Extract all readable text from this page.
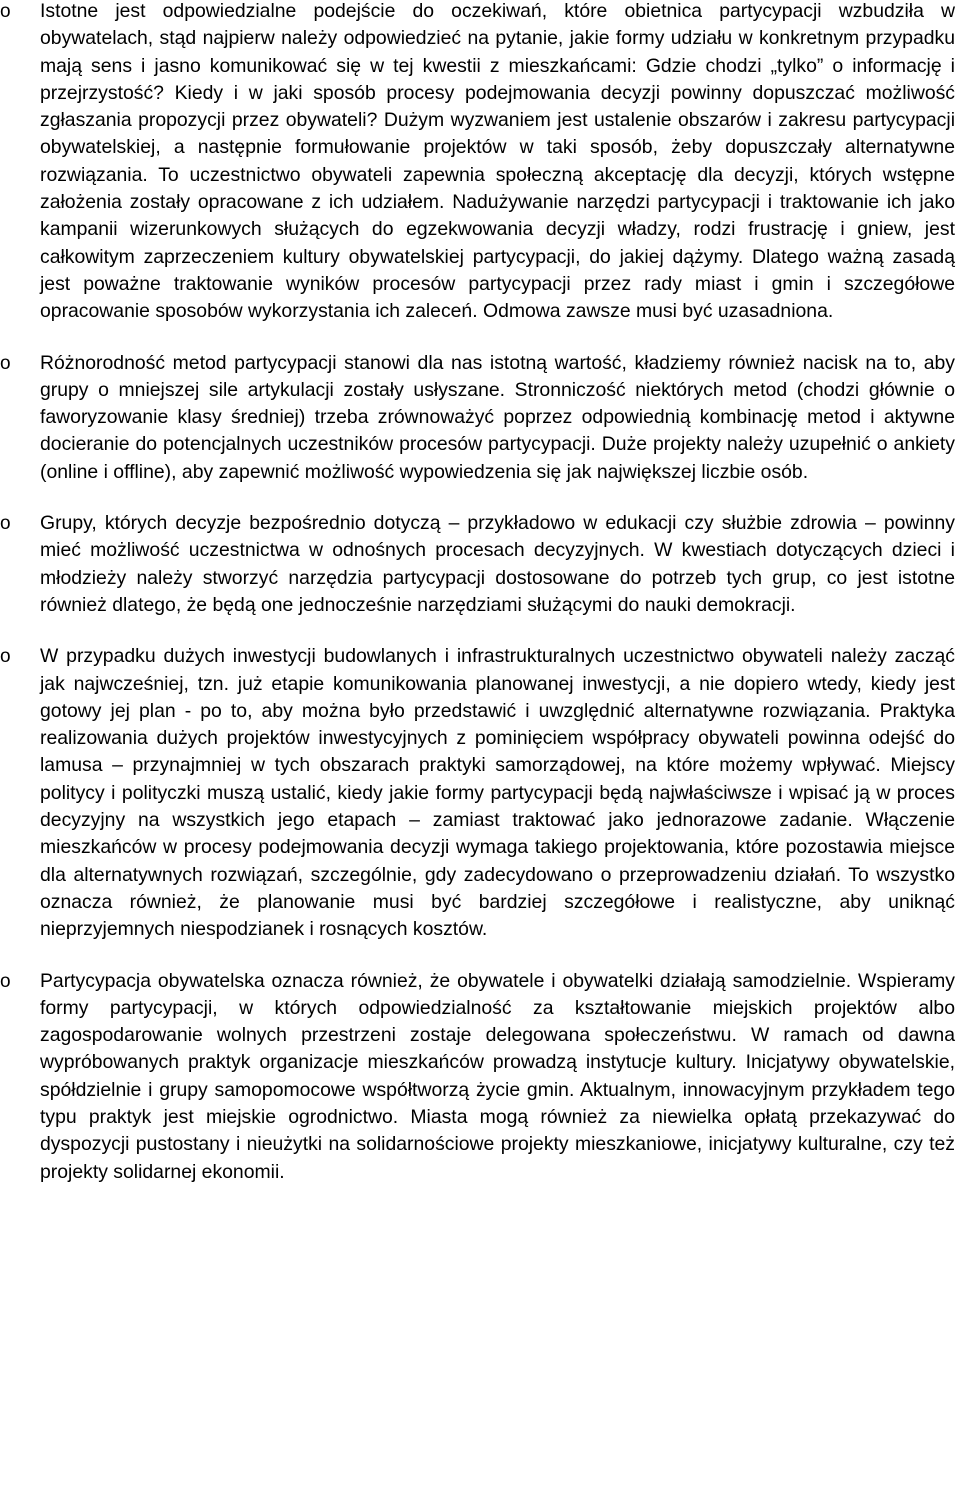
o	Istotne jest odpowiedzialne podejście do oczekiwań, które obietnica partycypacji wzbudziła w obywatelach, stąd najpierw należy odpowiedzieć na pytanie, jakie formy udziału w konkretnym przypadku mają sens i jasno komunikować się w tej kwestii z mieszkańcami: Gdzie chodzi „tylko” o informację i przejrzystość? Kiedy i w jaki sposób procesy podejmowania decyzji powinny dopuszczać możliwość zgłaszania propozycji przez obywateli? Dużym wyzwaniem jest ustalenie obszarów i zakresu partycypacji obywatelskiej, a następnie formułowanie projektów w taki sposób, żeby dopuszczały alternatywne rozwiązania. To uczestnictwo obywateli zapewnia społeczną akceptację dla decyzji, których wstępne założenia zostały opracowane z ich udziałem. Nadużywanie narzędzi partycypacji i traktowanie ich jako kampanii wizerunkowych służących do egzekwowania decyzji władzy, rodzi frustrację i gniew, jest całkowitym zaprzeczeniem kultury obywatelskiej partycypacji, do jakiej dążymy. Dlatego ważną zasadą jest poważne traktowanie wyników procesów partycypacji przez rady miast i gmin i szczegółowe opracowanie sposobów wykorzystania ich zaleceń. Odmowa zawsze musi być uzasadniona.

o	Różnorodność metod partycypacji stanowi dla nas istotną wartość, kładziemy również nacisk na to, aby grupy o mniejszej sile artykulacji zostały usłyszane. Stronniczość niektórych metod (chodzi głównie o faworyzowanie klasy średniej) trzeba zrównoważyć poprzez odpowiednią kombinację metod i aktywne docieranie do potencjalnych uczestników procesów partycypacji. Duże projekty należy uzupełnić o ankiety (online i offline), aby zapewnić możliwość wypowiedzenia się jak największej liczbie osób.

o	Grupy, których decyzje bezpośrednio dotyczą – przykładowo w edukacji czy służbie zdrowia – powinny mieć możliwość uczestnictwa w odnośnych procesach decyzyjnych. W kwestiach dotyczących dzieci i młodzieży należy stworzyć narzędzia partycypacji dostosowane do potrzeb tych grup, co jest istotne również dlatego, że będą one jednocześnie narzędziami służącymi do nauki demokracji.

o	W przypadku dużych inwestycji budowlanych i infrastrukturalnych uczestnictwo obywateli należy zacząć jak najwcześniej, tzn. już etapie komunikowania planowanej inwestycji, a nie dopiero wtedy, kiedy jest gotowy jej plan - po to, aby można było przedstawić i uwzględnić alternatywne rozwiązania. Praktyka realizowania dużych projektów inwestycyjnych z pominięciem współpracy obywateli powinna odejść do lamusa – przynajmniej w tych obszarach praktyki samorządowej, na które możemy wpływać. Miejscy politycy i polityczki muszą ustalić, kiedy jakie formy partycypacji będą najwłaściwsze i wpisać ją w proces decyzyjny na wszystkich jego etapach – zamiast traktować jako jednorazowe zadanie. Włączenie mieszkańców w procesy podejmowania decyzji wymaga takiego projektowania, które pozostawia miejsce dla alternatywnych rozwiązań, szczególnie, gdy zadecydowano o przeprowadzeniu działań. To wszystko oznacza również, że planowanie musi być bardziej szczegółowe i realistyczne, aby uniknąć nieprzyjemnych niespodzianek i rosnących kosztów.

o	Partycypacja obywatelska oznacza również, że obywatele i obywatelki działają samodzielnie. Wspieramy formy partycypacji, w których odpowiedzialność za kształtowanie miejskich projektów albo zagospodarowanie wolnych przestrzeni zostaje delegowana społeczeństwu. W ramach od dawna wypróbowanych praktyk organizacje mieszkańców prowadzą instytucje kultury. Inicjatywy obywatelskie, spółdzielnie i grupy samopomocowe współtworzą życie gmin. Aktualnym, innowacyjnym przykładem tego typu praktyk jest miejskie ogrodnictwo. Miasta mogą również za niewielka opłatą przekazywać do dyspozycji pustostany i nieużytki na solidarnościowe projekty mieszkaniowe, inicjatywy kulturalne, czy też projekty solidarnej ekonomii.
